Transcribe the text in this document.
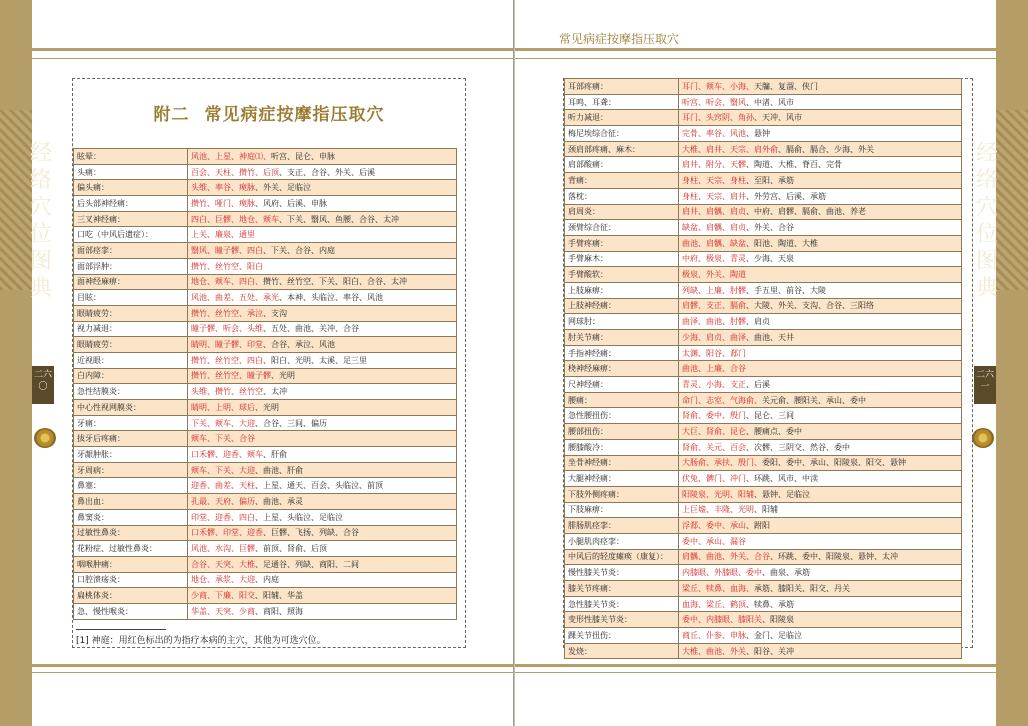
经
络
穴
位
图
典
二六〇
附二 常见病症按摩指压取穴
眩晕：	风池、上星、神庭⑴、听宫、昆仑、申脉
头痛：	百会、天柱、攒竹、后顶、支正、合谷、外关、后溪
偏头痛：	头维、率谷、瘈脉、外关、足临泣
后头部神经痛：	攒竹、哑门、瘈脉、风府、后溪、申脉
三叉神经痛：	四白、巨髎、地仓、颊车、下关、翳风、鱼腰、合谷、太冲
口吃（中风后遗症）：	上关、廉泉、通里
面部痉挛：	翳风、瞳子髎、四白、下关、合谷、内庭
面部浮肿：	攒竹、丝竹空、阳白
面神经麻痹：	地仓、颊车、四白、攒竹、丝竹空、下关、阳白、合谷、太冲
目眩：	风池、曲差、五处、承光、本神、头临泣、率谷、风池
眼睛疲劳：	攒竹、丝竹空、承泣、支沟
视力减退：	瞳子髎、听会、头维、五处、曲池、关冲、合谷
眼睛疲劳：	睛明、瞳子髎、印堂、合谷、承泣、风池
近视眼：	攒竹、丝竹空、四白、阳白、光明、太溪、足三里
白内障：	攒竹、丝竹空、瞳子髎、光明
急性结膜炎：	头维、攒竹、丝竹空、太冲
中心性视网膜炎：	睛明、上明、球后、光明
牙痛：	下关、颊车、大迎、合谷、三间、偏历
拔牙后疼痛：	颊车、下关、合谷
牙龈肿胀：	口禾髎、迎香、颊车、肝俞
牙周病：	颊车、下关、大迎、曲池、肝俞
鼻塞：	迎香、曲差、天柱、上星、通天、百会、头临泣、前顶
鼻出血：	孔最、天府、偏历、曲池、承灵
鼻窦炎：	印堂、迎香、四白、上星、头临泣、足临泣
过敏性鼻炎：	口禾髎、印堂、迎香、巨髎、飞扬、列缺、合谷
花粉症、过敏性鼻炎：	风池、水沟、巨髎、前顶、肾俞、后顶
咽喉肿痛：	合谷、天突、大椎、足通谷、列缺、商阳、二间
口腔溃疡炎：	地仓、承浆、大迎、内庭
扁桃体炎：	少商、下廉、阳交、阳辅、华盖
急、慢性喉炎：	华盖、天突、少商、商阳、照海
[1] 神庭：用红色标出的为指疗本病的主穴，其他为可选穴位。
经
络
穴
位
图
典
二六一
常见病症按摩指压取穴
耳部疼痛：	耳门、颊车、小海、天牖、复溜、侠门
耳鸣、耳聋：	听宫、听会、翳风、中渚、风市
听力减退：	耳门、头窍阴、角孙、天冲、风市
梅尼埃综合征：	完骨、率谷、风池、悬钟
颈肩部疼痛、麻木：	大椎、肩井、天宗、肩外俞、膈俞、膈合、少海、外关
肩部酸痛：	肩井、附分、天髎、陶道、大椎、脊百、完骨
背痛：	身柱、天宗、身柱、至阳、承筋
落枕：	身柱、天宗、肩井、外劳宫、后溪、承筋
肩周炎：	肩井、肩髃、肩贞、中府、肩髎、膈俞、曲池、养老
颈臂综合征：	缺盆、肩髃、肩贞、外关、合谷
手臂疼痛：	曲池、肩髃、缺盆、阳池、陶道、大椎
手臂麻木：	中府、极泉、青灵、少海、天泉
手臂酸软：	极泉、外关、陶道
上肢麻痹：	列缺、上廉、肘髎、手五里、前谷、大陵
上肢神经痛：	肩髎、支正、膈俞、大陵、外关、支沟、合谷、三阳络
网球肘：	曲泽、曲池、肘髎、肩贞
肘关节痛：	少海、肩贞、曲泽、曲池、天井
手指神经痛：	太渊、阳谷、郄门
桡神经麻痹：	曲池、上廉、合谷
尺神经痛：	青灵、小海、支正、后溪
腰痛：	命门、志室、气海俞、关元俞、腰阳关、承山、委中
急性腰扭伤：	肾俞、委中、殷门、昆仑、三间
腰部扭伤：	大巨、肾俞、昆仑、腰痛点、委中
腰膝酸冷：	肾俞、关元、百会、次髎、三阴交、然谷、委中
坐骨神经痛：	大肠俞、承扶、殷门、委阳、委中、承山、阳陵泉、阳交、悬钟
大腿神经痛：	伏兔、髀门、冲门、环跳、风市、中渎
下肢外侧疼痛：	阳陵泉、光明、阳辅、悬钟、足临泣
下肢麻痹：	上巨墟、丰隆、光明、阳辅
腓肠肌痉挛：	浮郄、委中、承山、跗阳
小腿肌肉痉挛：	委中、承山、漏谷
中风后的轻度瘫痪（康复）：	肩髃、曲池、外关、合谷、环跳、委中、阳陵泉、悬钟、太冲
慢性膝关节炎：	内膝眼、外膝眼、委中、曲泉、承筋
膝关节疼痛：	梁丘、犊鼻、血海、承筋、膝阳关、阳交、丹关
急性膝关节炎：	血海、梁丘、鹤顶、犊鼻、承筋
变形性膝关节炎：	委中、内膝眼、膝阳关、阳陵泉
踝关节扭伤：	商丘、仆参、申脉、金门、足临泣
发烧：	大椎、曲池、外关、阳谷、关冲
